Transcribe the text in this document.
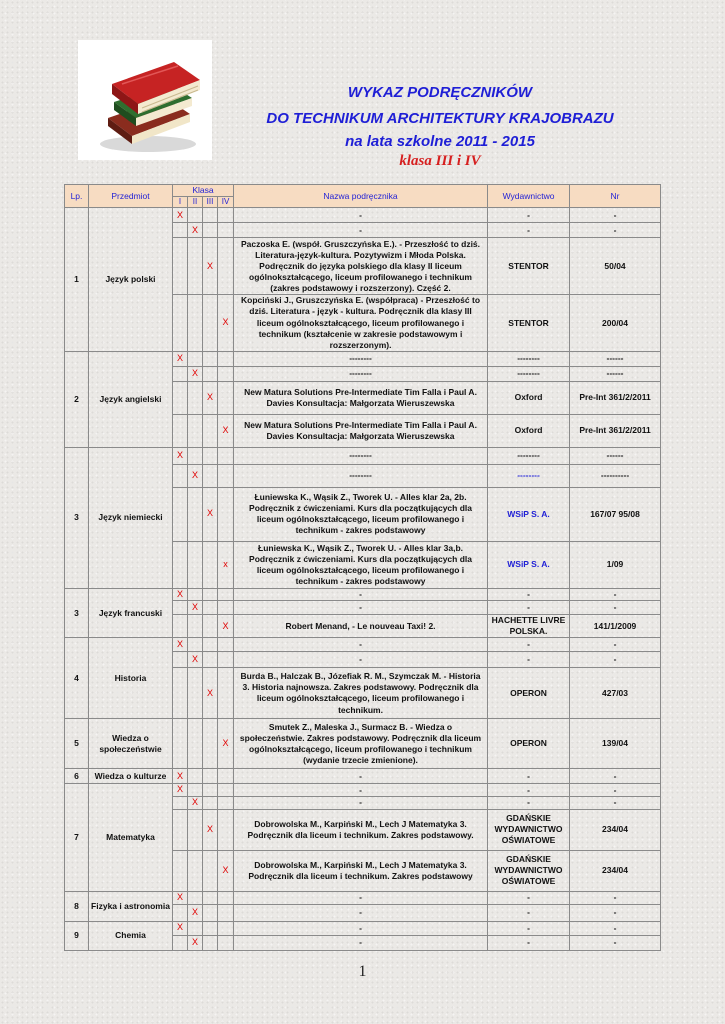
WYKAZ PODRĘCZNIKÓW
DO TECHNIKUM ARCHITEKTURY KRAJOBRAZU
na lata szkolne 2011 - 2015
klasa III i IV
Lp.	Przedmiot	Klasa				Nazwa podręcznika	Wydawnictwo	Nr
		I	II	III	IV			
1	Język polski	X				-	-	-
			X			-	-	-
				X		Paczoska E. (współ. Gruszczyńska E.). - Przeszłość to dziś. Literatura-język-kultura. Pozytywizm i Młoda Polska. Podręcznik do języka polskiego dla klasy II liceum ogólnokształcącego, liceum profilowanego i technikum (zakres podstawowy i rozszerzony). Część 2.	STENTOR	50/04
					X	Kopciński J., Gruszczyńska E. (współpraca) - Przeszłość to dziś. Literatura - język - kultura. Podręcznik dla klasy III liceum ogólnokształcącego, liceum profilowanego i technikum (kształcenie w zakresie podstawowym i rozszerzonym).	STENTOR	200/04
2	Język angielski	X				--------	--------	------
			X			--------	--------	------
				X		New Matura Solutions Pre-Intermediate Tim Falla i Paul A. Davies Konsultacja: Małgorzata Wieruszewska	Oxford	Pre-Int 361/2/2011
					X	New Matura Solutions Pre-Intermediate Tim Falla i Paul A. Davies Konsultacja: Małgorzata Wieruszewska	Oxford	Pre-Int 361/2/2011
3	Język niemiecki	X				--------	--------	------
			X			--------	--------	----------
				X		Łuniewska K., Wąsik Z., Tworek U. - Alles klar 2a, 2b. Podręcznik z ćwiczeniami. Kurs dla początkujących dla liceum ogólnokształcącego, liceum profilowanego i technikum - zakres podstawowy	WSiP S. A.	167/07 95/08
					x	Łuniewska K., Wąsik Z., Tworek U. - Alles klar 3a,b. Podręcznik z ćwiczeniami. Kurs dla początkujących dla liceum ogólnokształcącego, liceum profilowanego i technikum - zakres podstawowy	WSiP S. A.	1/09
3	Język francuski	X				-	-	-
			X			-	-	-
					X	Robert Menand, - Le nouveau Taxi! 2.	HACHETTE LIVRE POLSKA.	141/1/2009
4	Historia	X				-	-	-
			X			-	-	-
				X		Burda B., Halczak B., Józefiak R. M., Szymczak M. - Historia 3. Historia najnowsza. Zakres podstawowy. Podręcznik dla liceum ogólnokształcącego, liceum profilowanego i technikum.	OPERON	427/03
5	Wiedza o społeczeństwie				X	Smutek Z., Maleska J., Surmacz B. - Wiedza o społeczeństwie. Zakres podstawowy. Podręcznik dla liceum ogólnokształcącego, liceum profilowanego i technikum (wydanie trzecie zmienione).	OPERON	139/04
6	Wiedza o kulturze	X				-	-	-
7	Matematyka	X				-	-	-
			X			-	-	-
				X		Dobrowolska M., Karpiński M., Lech J Matematyka 3. Podręcznik dla liceum i technikum. Zakres podstawowy.	GDAŃSKIE WYDAWNICTWO OŚWIATOWE	234/04
					X	Dobrowolska M., Karpiński M., Lech J Matematyka 3. Podręcznik dla liceum i technikum. Zakres podstawowy	GDAŃSKIE WYDAWNICTWO OŚWIATOWE	234/04
8	Fizyka i astronomia	X				-	-	-
			X			-	-	-
9	Chemia	X				-	-	-
			X			-	-	-
1
